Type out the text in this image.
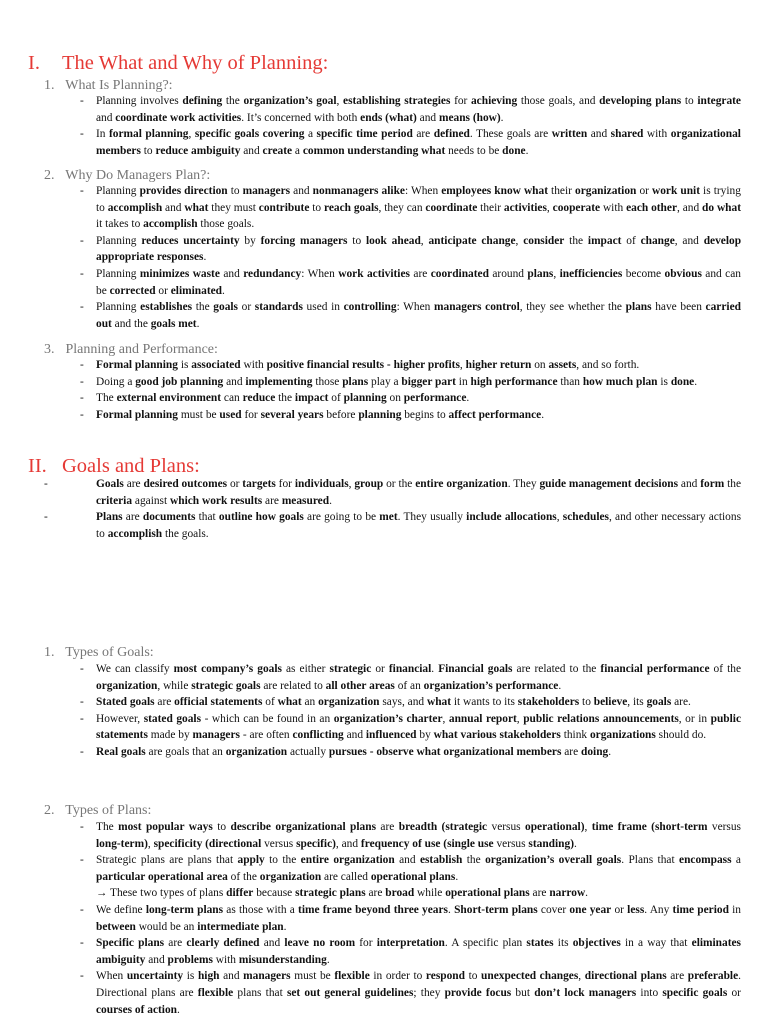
I. The What and Why of Planning:
1. What Is Planning?:
- Planning involves defining the organization’s goal, establishing strategies for achieving those goals, and developing plans to integrate and coordinate work activities. It’s concerned with both ends (what) and means (how).
- In formal planning, specific goals covering a specific time period are defined. These goals are written and shared with organizational members to reduce ambiguity and create a common understanding what needs to be done.
2. Why Do Managers Plan?:
- Planning provides direction to managers and nonmanagers alike: When employees know what their organization or work unit is trying to accomplish and what they must contribute to reach goals, they can coordinate their activities, cooperate with each other, and do what it takes to accomplish those goals.
- Planning reduces uncertainty by forcing managers to look ahead, anticipate change, consider the impact of change, and develop appropriate responses.
- Planning minimizes waste and redundancy: When work activities are coordinated around plans, inefficiencies become obvious and can be corrected or eliminated.
- Planning establishes the goals or standards used in controlling: When managers control, they see whether the plans have been carried out and the goals met.
3. Planning and Performance:
- Formal planning is associated with positive financial results - higher profits, higher return on assets, and so forth.
- Doing a good job planning and implementing those plans play a bigger part in high performance than how much plan is done.
- The external environment can reduce the impact of planning on performance.
- Formal planning must be used for several years before planning begins to affect performance.
II. Goals and Plans:
-	Goals are desired outcomes or targets for individuals, group or the entire organization. They guide management decisions and form the criteria against which work results are measured.
-	Plans are documents that outline how goals are going to be met. They usually include allocations, schedules, and other necessary actions to accomplish the goals.
1. Types of Goals:
- We can classify most company’s goals as either strategic or financial. Financial goals are related to the financial performance of the organization, while strategic goals are related to all other areas of an organization’s performance.
- Stated goals are official statements of what an organization says, and what it wants to its stakeholders to believe, its goals are.
- However, stated goals - which can be found in an organization’s charter, annual report, public relations announcements, or in public statements made by managers - are often conflicting and influenced by what various stakeholders think organizations should do.
- Real goals are goals that an organization actually pursues - observe what organizational members are doing.
2. Types of Plans:
- The most popular ways to describe organizational plans are breadth (strategic versus operational), time frame (short-term versus long-term), specificity (directional versus specific), and frequency of use (single use versus standing).
- Strategic plans are plans that apply to the entire organization and establish the organization’s overall goals. Plans that encompass a particular operational area of the organization are called operational plans.
→ These two types of plans differ because strategic plans are broad while operational plans are narrow.
- We define long-term plans as those with a time frame beyond three years. Short-term plans cover one year or less. Any time period in between would be an intermediate plan.
- Specific plans are clearly defined and leave no room for interpretation. A specific plan states its objectives in a way that eliminates ambiguity and problems with misunderstanding.
- When uncertainty is high and managers must be flexible in order to respond to unexpected changes, directional plans are preferable. Directional plans are flexible plans that set out general guidelines; they provide focus but don’t lock managers into specific goals or courses of action.
